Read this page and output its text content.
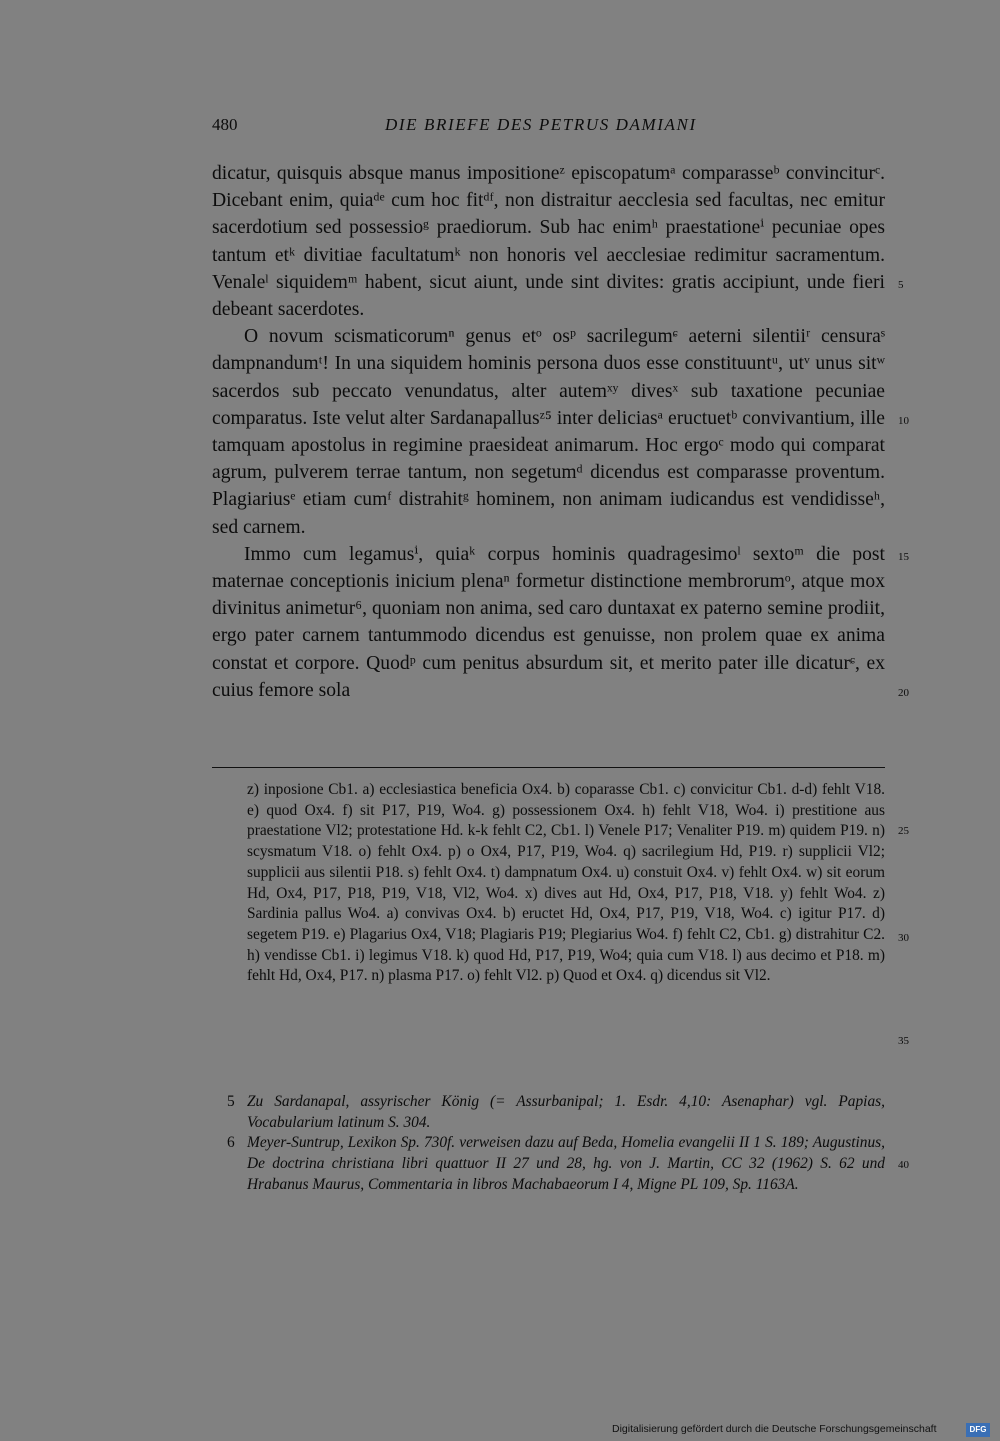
480	DIE BRIEFE DES PETRUS DAMIANI

dicatur, quisquis absque manus impositioneᶻ episcopatumᵃ comparasseᵇ convinciturᶜ. Dicebant enim, quiaᵈᵉ cum hoc fitᵈᶠ, non distraitur aecclesia sed facultas, nec emitur sacerdotium sed possessioᵍ praediorum. Sub hac enimʰ praestationeⁱ pecuniae opes tantum etᵏ divitiae facultatumᵏ non honoris vel aecclesiae redimitur sacramentum. Venaleˡ siquidemᵐ habent, sicut aiunt, unde sint divites: gratis accipiunt, unde fieri debeant sacerdotes.

O novum scismaticorumⁿ genus etᵒ osᵖ sacrilegumᶝ aeterni silentiiʳ censuraˢ dampnandumᵗ! In una siquidem hominis persona duos esse constituuntᵘ, utᵛ unus sitʷ sacerdos sub peccato venundatus, alter autemˣʸ divesˣ sub taxatione pecuniae comparatus. Iste velut alter Sardanapallusᶻ⁵ inter deliciasᵃ eructuetᵇ convivantium, ille tamquam apostolus in regimine praesideat animarum. Hoc ergoᶜ modo qui comparat agrum, pulverem terrae tantum, non segetumᵈ dicendus est comparasse proventum. Plagiariusᵉ etiam cumᶠ distrahitᵍ hominem, non animam iudicandus est vendidisseʰ, sed carnem.

Immo cum legamusⁱ, quiaᵏ corpus hominis quadragesimoˡ sextoᵐ die post maternae conceptionis inicium plenaⁿ formetur distinctione membrorumᵒ, atque mox divinitus animetur⁶, quoniam non anima, sed caro duntaxat ex paterno semine prodiit, ergo pater carnem tantummodo dicendus est genuisse, non prolem quae ex anima constat et corpore. Quodᵖ cum penitus absurdum sit, et merito pater ille dicaturᶝ, ex cuius femore sola

5
10
15
20
z) inposione Cb1. a) ecclesiastica beneficia Ox4. b) coparasse Cb1. c) convicitur Cb1. d-d) fehlt V18. e) quod Ox4. f) sit P17, P19, Wo4. g) possessionem Ox4. h) fehlt V18, Wo4. i) prestitione aus praestatione Vl2; protestatione Hd. k-k fehlt C2, Cb1. l) Venele P17; Venaliter P19. m) quidem P19. n) scysmatum V18. o) fehlt Ox4. p) o Ox4, P17, P19, Wo4. q) sacrilegium Hd, P19. r) supplicii Vl2; supplicii aus silentii P18. s) fehlt Ox4. t) dampnatum Ox4. u) constuit Ox4. v) fehlt Ox4. w) sit eorum Hd, Ox4, P17, P18, P19, V18, Vl2, Wo4. x) dives aut Hd, Ox4, P17, P18, V18. y) fehlt Wo4. z) Sardinia pallus Wo4. a) convivas Ox4. b) eructet Hd, Ox4, P17, P19, V18, Wo4. c) igitur P17. d) segetem P19. e) Plagarius Ox4, V18; Plagiaris P19; Plegiarius Wo4. f) fehlt C2, Cb1. g) distrahitur C2. h) vendisse Cb1. i) legimus V18. k) quod Hd, P17, P19, Wo4; quia cum V18. l) aus decimo et P18. m) fehlt Hd, Ox4, P17. n) plasma P17. o) fehlt Vl2. p) Quod et Ox4. q) dicendus sit Vl2.
25
30
35
5 Zu Sardanapal, assyrischer König (= Assurbanipal; 1. Esdr. 4,10: Asenaphar) vgl. Papias, Vocabularium latinum S. 304.
6 Meyer-Suntrup, Lexikon Sp. 730f. verweisen dazu auf Beda, Homelia evangelii II 1 S. 189; Augustinus, De doctrina christiana libri quattuor II 27 und 28, hg. von J. Martin, CC 32 (1962) S. 62 und Hrabanus Maurus, Commentaria in libros Machabaeorum I 4, Migne PL 109, Sp. 1163A.
40
Digitalisierung gefördert durch die Deutsche Forschungsgemeinschaft	DFG
